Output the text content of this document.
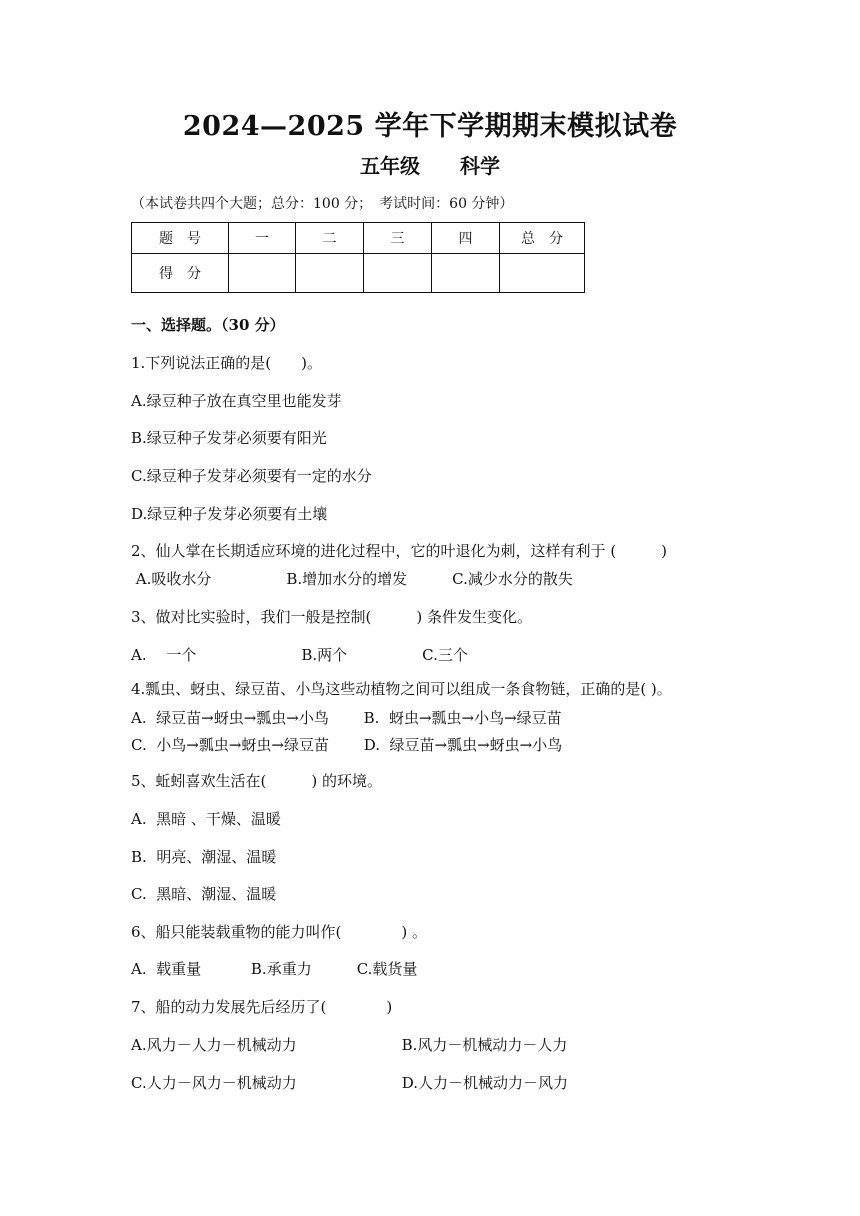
2024—2025 学年下学期期末模拟试卷
五年级　　科学
（本试卷共四个大题；总分：100 分；　考试时间：60 分钟）
题　号	一	二	三	四	总　分
得　分					
一、选择题。（30 分）
1.下列说法正确的是(　　)。
A.绿豆种子放在真空里也能发芽
B.绿豆种子发芽必须要有阳光
C.绿豆种子发芽必须要有一定的水分
D.绿豆种子发芽必须要有土壤
2、仙人掌在长期适应环境的进化过程中，它的叶退化为刺，这样有利于 (　　　)
A.吸收水分　　　　　B.增加水分的增发　　　C.减少水分的散失
3、做对比实验时，我们一般是控制(　　　) 条件发生变化。
A.　 一个　　　　　　　B.两个　　　　　C.三个
4.瓢虫、蚜虫、绿豆苗、小鸟这些动植物之间可以组成一条食物链，正确的是( )。
A.  绿豆苗→蚜虫→瓢虫→小鸟　　 B.  蚜虫→瓢虫→小鸟→绿豆苗
C.  小鸟→瓢虫→蚜虫→绿豆苗　　 D.  绿豆苗→瓢虫→蚜虫→小鸟
5、蚯蚓喜欢生活在(　　　) 的环境。
A.  黑暗 、干燥、温暖
B.  明亮、潮湿、温暖
C.  黑暗、潮湿、温暖
6、船只能装载重物的能力叫作(　　　　) 。
A.  载重量　　　 B.承重力　　　C.载货量
7、船的动力发展先后经历了(　　　　)
A.风力－人力－机械动力　　　　　　　B.风力－机械动力－人力
C.人力－风力－机械动力　　　　　　　D.人力－机械动力－风力
